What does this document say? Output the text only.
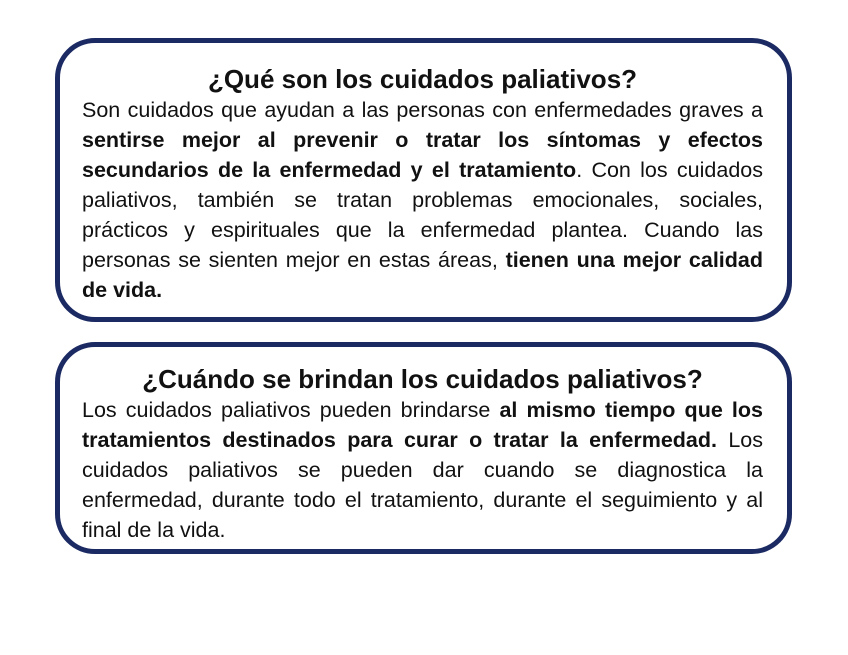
¿Qué son los cuidados paliativos?

Son cuidados que ayudan a las personas con enfermedades graves a sentirse mejor al prevenir o tratar los síntomas y efectos secundarios de la enfermedad y el tratamiento. Con los cuidados paliativos, también se tratan problemas emocionales, sociales, prácticos y espirituales que la enfermedad plantea. Cuando las personas se sienten mejor en estas áreas, tienen una mejor calidad de vida.

¿Cuándo se brindan los cuidados paliativos?

Los cuidados paliativos pueden brindarse al mismo tiempo que los tratamientos destinados para curar o tratar la enfermedad. Los cuidados paliativos se pueden dar cuando se diagnostica la enfermedad, durante todo el tratamiento, durante el seguimiento y al final de la vida.
